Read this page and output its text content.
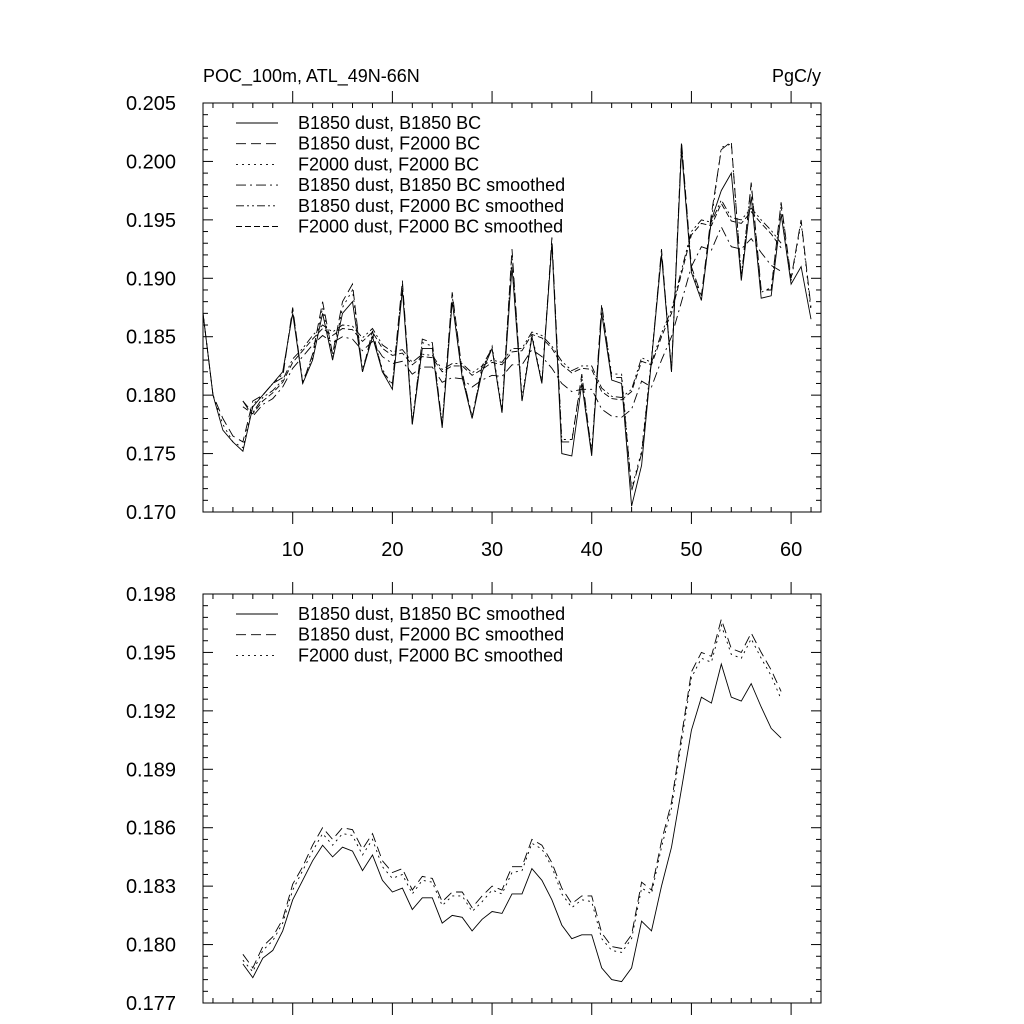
POC_100m, ATL_49N-66N	PgC/y
0.170
0.175
0.180
0.185
0.190
0.195
0.200
0.205
10	20	30	40	50	60
B1850 dust, B1850 BC
B1850 dust, F2000 BC
F2000 dust, F2000 BC
B1850 dust, B1850 BC smoothed
B1850 dust, F2000 BC smoothed
F2000 dust, F2000 BC smoothed
0.177
0.180
0.183
0.186
0.189
0.192
0.195
0.198
B1850 dust, B1850 BC smoothed
B1850 dust, F2000 BC smoothed
F2000 dust, F2000 BC smoothed
